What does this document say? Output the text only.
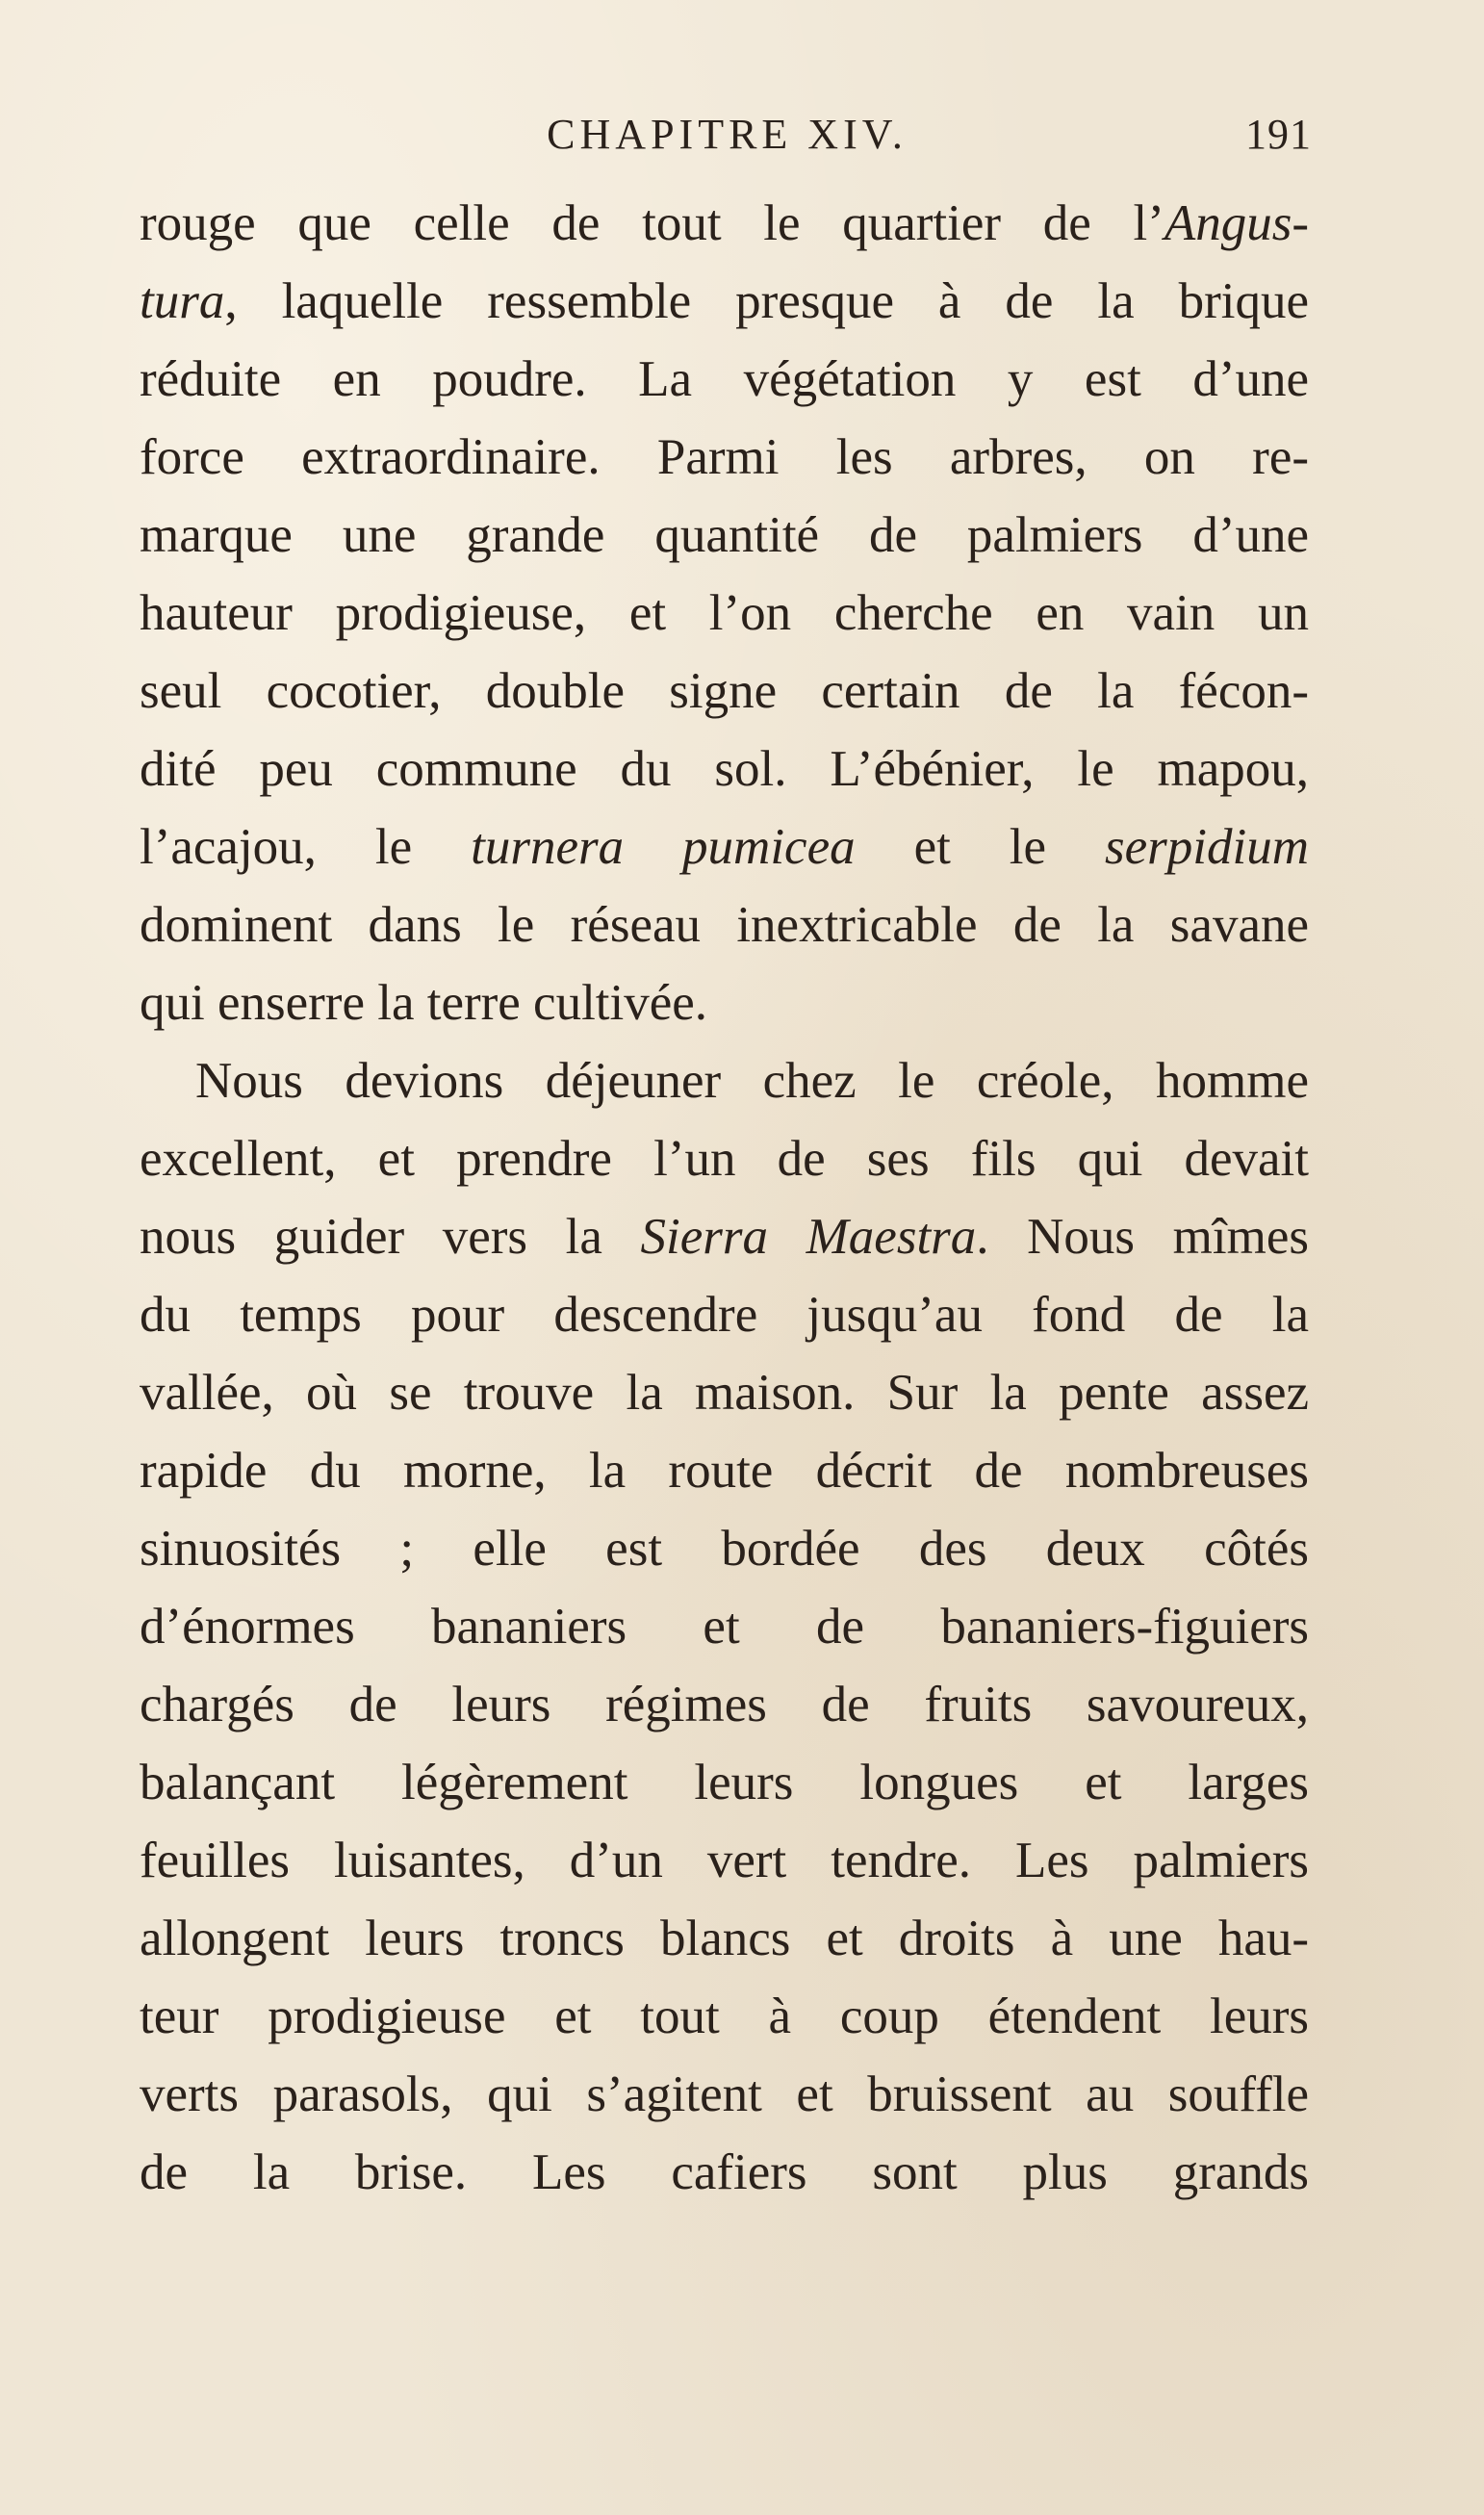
CHAPITRE XIV.	191
rouge que celle de tout le quartier de l’Angus-
tura, laquelle ressemble presque à de la brique
réduite en poudre. La végétation y est d’une
force extraordinaire. Parmi les arbres, on re-
marque une grande quantité de palmiers d’une
hauteur prodigieuse, et l’on cherche en vain un
seul cocotier, double signe certain de la fécon-
dité peu commune du sol. L’ébénier, le mapou,
l’acajou, le turnera pumicea et le serpidium
dominent dans le réseau inextricable de la savane
qui enserre la terre cultivée.
Nous devions déjeuner chez le créole, homme
excellent, et prendre l’un de ses fils qui devait
nous guider vers la Sierra Maestra. Nous mîmes
du temps pour descendre jusqu’au fond de la
vallée, où se trouve la maison. Sur la pente assez
rapide du morne, la route décrit de nombreuses
sinuosités ; elle est bordée des deux côtés
d’énormes bananiers et de bananiers-figuiers
chargés de leurs régimes de fruits savoureux,
balançant légèrement leurs longues et larges
feuilles luisantes, d’un vert tendre. Les palmiers
allongent leurs troncs blancs et droits à une hau-
teur prodigieuse et tout à coup étendent leurs
verts parasols, qui s’agitent et bruissent au souffle
de la brise. Les cafiers sont plus grands
